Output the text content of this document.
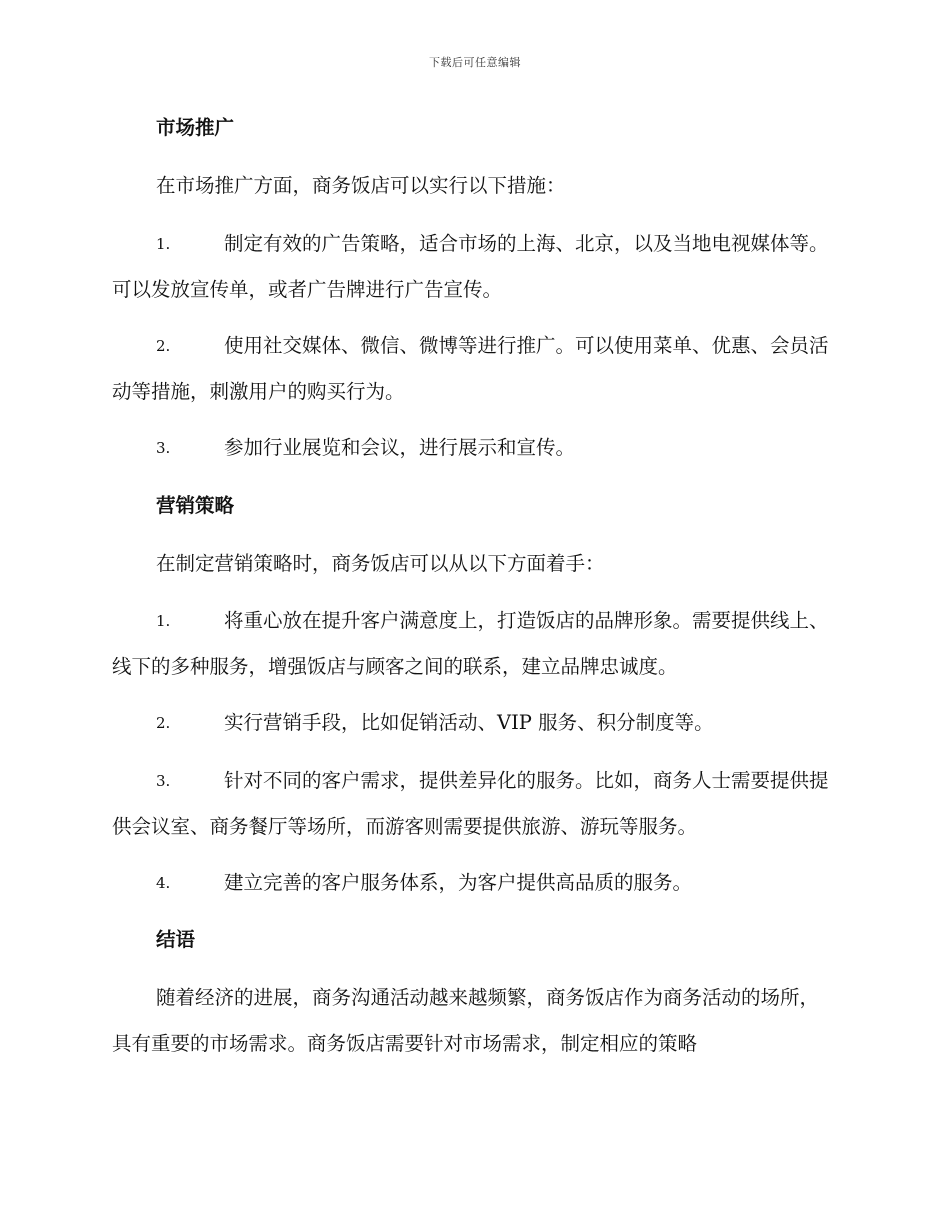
下载后可任意编辑
市场推广
在市场推广方面，商务饭店可以实行以下措施：
1.	制定有效的广告策略，适合市场的上海、北京，以及当地电视媒体等。可以发放宣传单，或者广告牌进行广告宣传。
2.	使用社交媒体、微信、微博等进行推广。可以使用菜单、优惠、会员活动等措施，刺激用户的购买行为。
3.	参加行业展览和会议，进行展示和宣传。
营销策略
在制定营销策略时，商务饭店可以从以下方面着手：
1.	将重心放在提升客户满意度上，打造饭店的品牌形象。需要提供线上、线下的多种服务，增强饭店与顾客之间的联系，建立品牌忠诚度。
2.	实行营销手段，比如促销活动、VIP 服务、积分制度等。
3.	针对不同的客户需求，提供差异化的服务。比如，商务人士需要提供提供会议室、商务餐厅等场所，而游客则需要提供旅游、游玩等服务。
4.	建立完善的客户服务体系，为客户提供高品质的服务。
结语
随着经济的进展，商务沟通活动越来越频繁，商务饭店作为商务活动的场所，具有重要的市场需求。商务饭店需要针对市场需求，制定相应的策略
